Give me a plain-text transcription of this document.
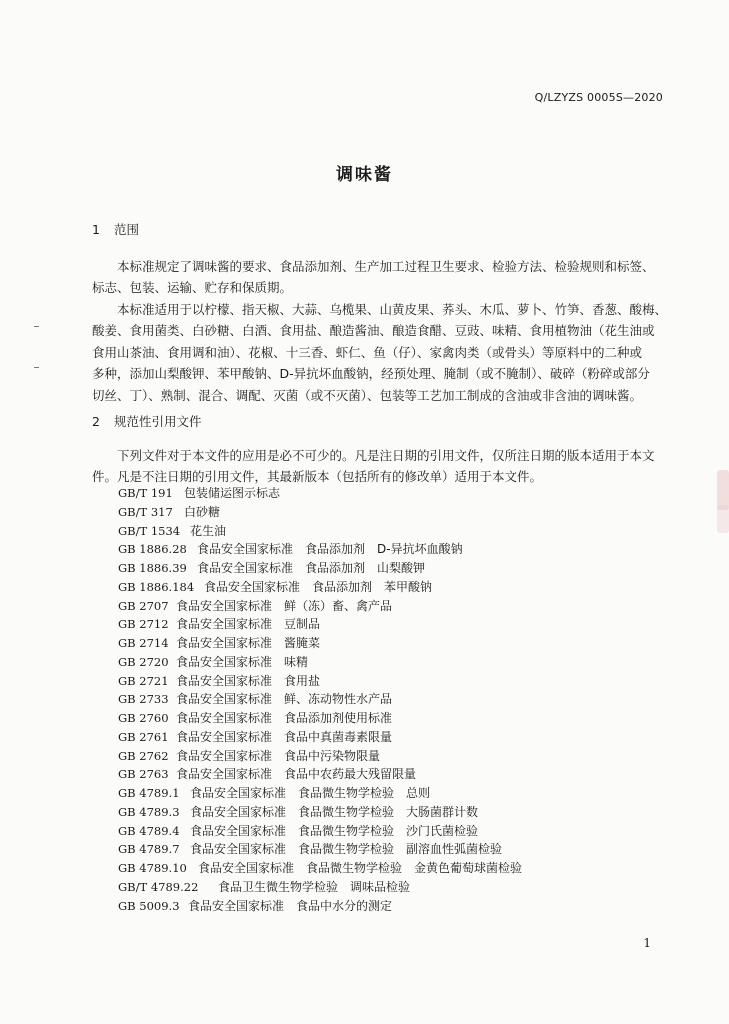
Q/LZYZS 0005S—2020
调味酱
1 范围
　　本标准规定了调味酱的要求、食品添加剂、生产加工过程卫生要求、检验方法、检验规则和标签、
标志、包装、运输、贮存和保质期。
　　本标准适用于以柠檬、指天椒、大蒜、乌榄果、山黄皮果、荞头、木瓜、萝卜、竹笋、香葱、酸梅、
酸姜、食用菌类、白砂糖、白酒、食用盐、酿造酱油、酿造食醋、豆豉、味精、食用植物油（花生油或
食用山茶油、食用调和油）、花椒、十三香、虾仁、鱼（仔）、家禽肉类（或骨头）等原料中的二种或
多种，添加山梨酸钾、苯甲酸钠、D-异抗坏血酸钠，经预处理、腌制（或不腌制）、破碎（粉碎或部分
切丝、丁）、熟制、混合、调配、灭菌（或不灭菌）、包装等工艺加工制成的含油或非含油的调味酱。
2 规范性引用文件
　　下列文件对于本文件的应用是必不可少的。凡是注日期的引用文件，仅所注日期的版本适用于本文
件。凡是不注日期的引用文件，其最新版本（包括所有的修改单）适用于本文件。
GB/T 191 包装储运图示标志
GB/T 317 白砂糖
GB/T 1534 花生油
GB 1886.28 食品安全国家标准　食品添加剂　D-异抗坏血酸钠
GB 1886.39 食品安全国家标准　食品添加剂　山梨酸钾
GB 1886.184 食品安全国家标准　食品添加剂　苯甲酸钠
GB 2707 食品安全国家标准　鲜（冻）畜、禽产品
GB 2712 食品安全国家标准　豆制品
GB 2714 食品安全国家标准　酱腌菜
GB 2720 食品安全国家标准　味精
GB 2721 食品安全国家标准　食用盐
GB 2733 食品安全国家标准　鲜、冻动物性水产品
GB 2760 食品安全国家标准　食品添加剂使用标准
GB 2761 食品安全国家标准　食品中真菌毒素限量
GB 2762 食品安全国家标准　食品中污染物限量
GB 2763 食品安全国家标准　食品中农药最大残留限量
GB 4789.1 食品安全国家标准　食品微生物学检验　总则
GB 4789.3 食品安全国家标准　食品微生物学检验　大肠菌群计数
GB 4789.4 食品安全国家标准　食品微生物学检验　沙门氏菌检验
GB 4789.7 食品安全国家标准　食品微生物学检验　副溶血性弧菌检验
GB 4789.10 食品安全国家标准　食品微生物学检验　金黄色葡萄球菌检验
GB/T 4789.22 食品卫生微生物学检验　调味品检验
GB 5009.3 食品安全国家标准　食品中水分的测定
1
